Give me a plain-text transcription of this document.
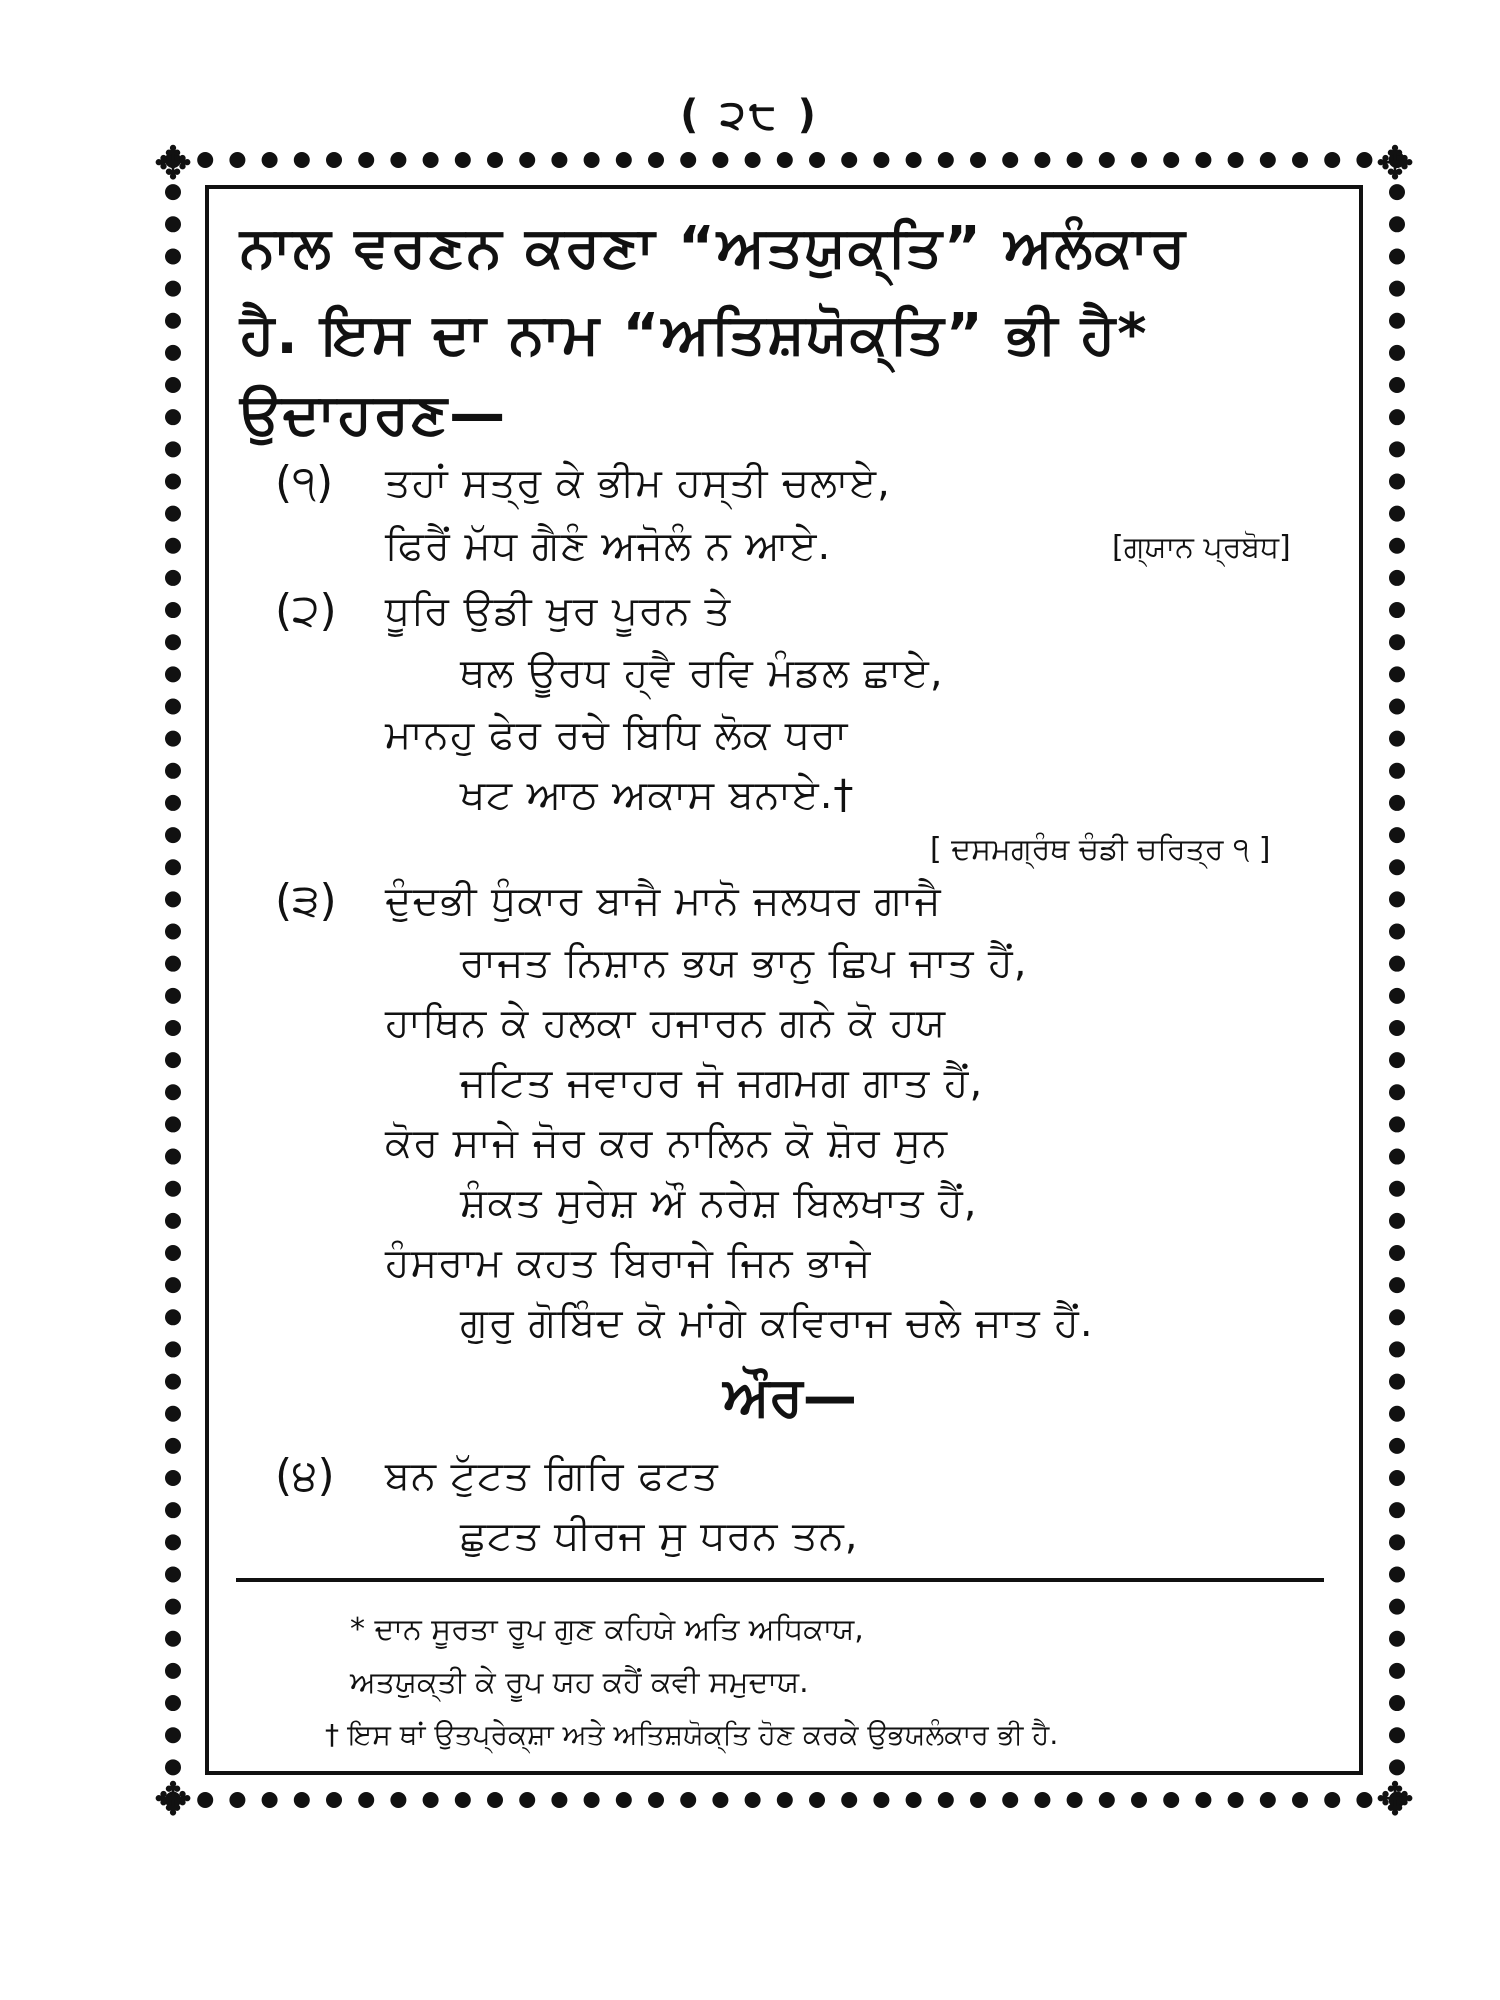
( ੨੮ )
✥	✥
✥	✥
ਨਾਲ ਵਰਣਨ ਕਰਣਾ “ਅਤਯੁਕ੍ਤਿ” ਅਲੰਕਾਰ
ਹੈ. ਇਸ ਦਾ ਨਾਮ “ਅਤਿਸ਼ਯੋਕ੍ਤਿ” ਭੀ ਹੈ*
ਉਦਾਹਰਣ—
(੧) ਤਹਾਂ ਸਤ੍ਰੁ ਕੇ ਭੀਮ ਹਸ੍ਤੀ ਚਲਾਏ,
ਫਿਰੈਂ ਮੱਧ ਗੈਣੰ ਅਜੋਲੰ ਨ ਆਏ.	[ਗ੍ਯਾਨ ਪ੍ਰਬੋਧ]
(੨) ਧੂਰਿ ਉਡੀ ਖੁਰ ਪੂਰਨ ਤੇ
ਥਲ ਊਰਧ ਹ੍ਵੈ ਰਵਿ ਮੰਡਲ ਛਾਏ,
ਮਾਨਹੁ ਫੇਰ ਰਚੇ ਬਿਧਿ ਲੋਕ ਧਰਾ
ਖਟ ਆਠ ਅਕਾਸ ਬਨਾਏ.†
[ ਦਸਮਗ੍ਰੰਥ ਚੰਡੀ ਚਰਿਤ੍ਰ ੧ ]
(੩) ਦੁੰਦਭੀ ਧੁੰਕਾਰ ਬਾਜੈ ਮਾਨੋ ਜਲਧਰ ਗਾਜੈ
ਰਾਜਤ ਨਿਸ਼ਾਨ ਭਯ ਭਾਨੁ ਛਿਪ ਜਾਤ ਹੈਂ,
ਹਾਥਿਨ ਕੇ ਹਲਕਾ ਹਜਾਰਨ ਗਨੇ ਕੋ ਹਯ
ਜਟਿਤ ਜਵਾਹਰ ਜੋ ਜਗਮਗ ਗਾਤ ਹੈਂ,
ਕੋਰ ਸਾਜੇ ਜੋਰ ਕਰ ਨਾਲਿਨ ਕੋ ਸ਼ੋਰ ਸੁਨ
ਸ਼ੰਕਤ ਸੁਰੇਸ਼ ਔ ਨਰੇਸ਼ ਬਿਲਖਾਤ ਹੈਂ,
ਹੰਸਰਾਮ ਕਹਤ ਬਿਰਾਜੇ ਜਿਨ ਭਾਜੇ
ਗੁਰੁ ਗੋਬਿੰਦ ਕੋ ਮਾਂਗੇ ਕਵਿਰਾਜ ਚਲੇ ਜਾਤ ਹੈਂ.
ਔਰ—
(੪) ਬਨ ਟੁੱਟਤ ਗਿਰਿ ਫਟਤ
ਛੁਟਤ ਧੀਰਜ ਸੁ ਧਰਨ ਤਨ,
* ਦਾਨ ਸੂਰਤਾ ਰੂਪ ਗੁਣ ਕਹਿਯੇ ਅਤਿ ਅਧਿਕਾਯ,
ਅਤਯੁਕ੍ਤੀ ਕੇ ਰੂਪ ਯਹ ਕਹੈਂ ਕਵੀ ਸਮੁਦਾਯ.
† ਇਸ ਥਾਂ ਉਤਪ੍ਰੇਕ੍ਸ਼ਾ ਅਤੇ ਅਤਿਸ਼ਯੋਕ੍ਤਿ ਹੋਣ ਕਰਕੇ ਉਭਯਲੰਕਾਰ ਭੀ ਹੈ.
